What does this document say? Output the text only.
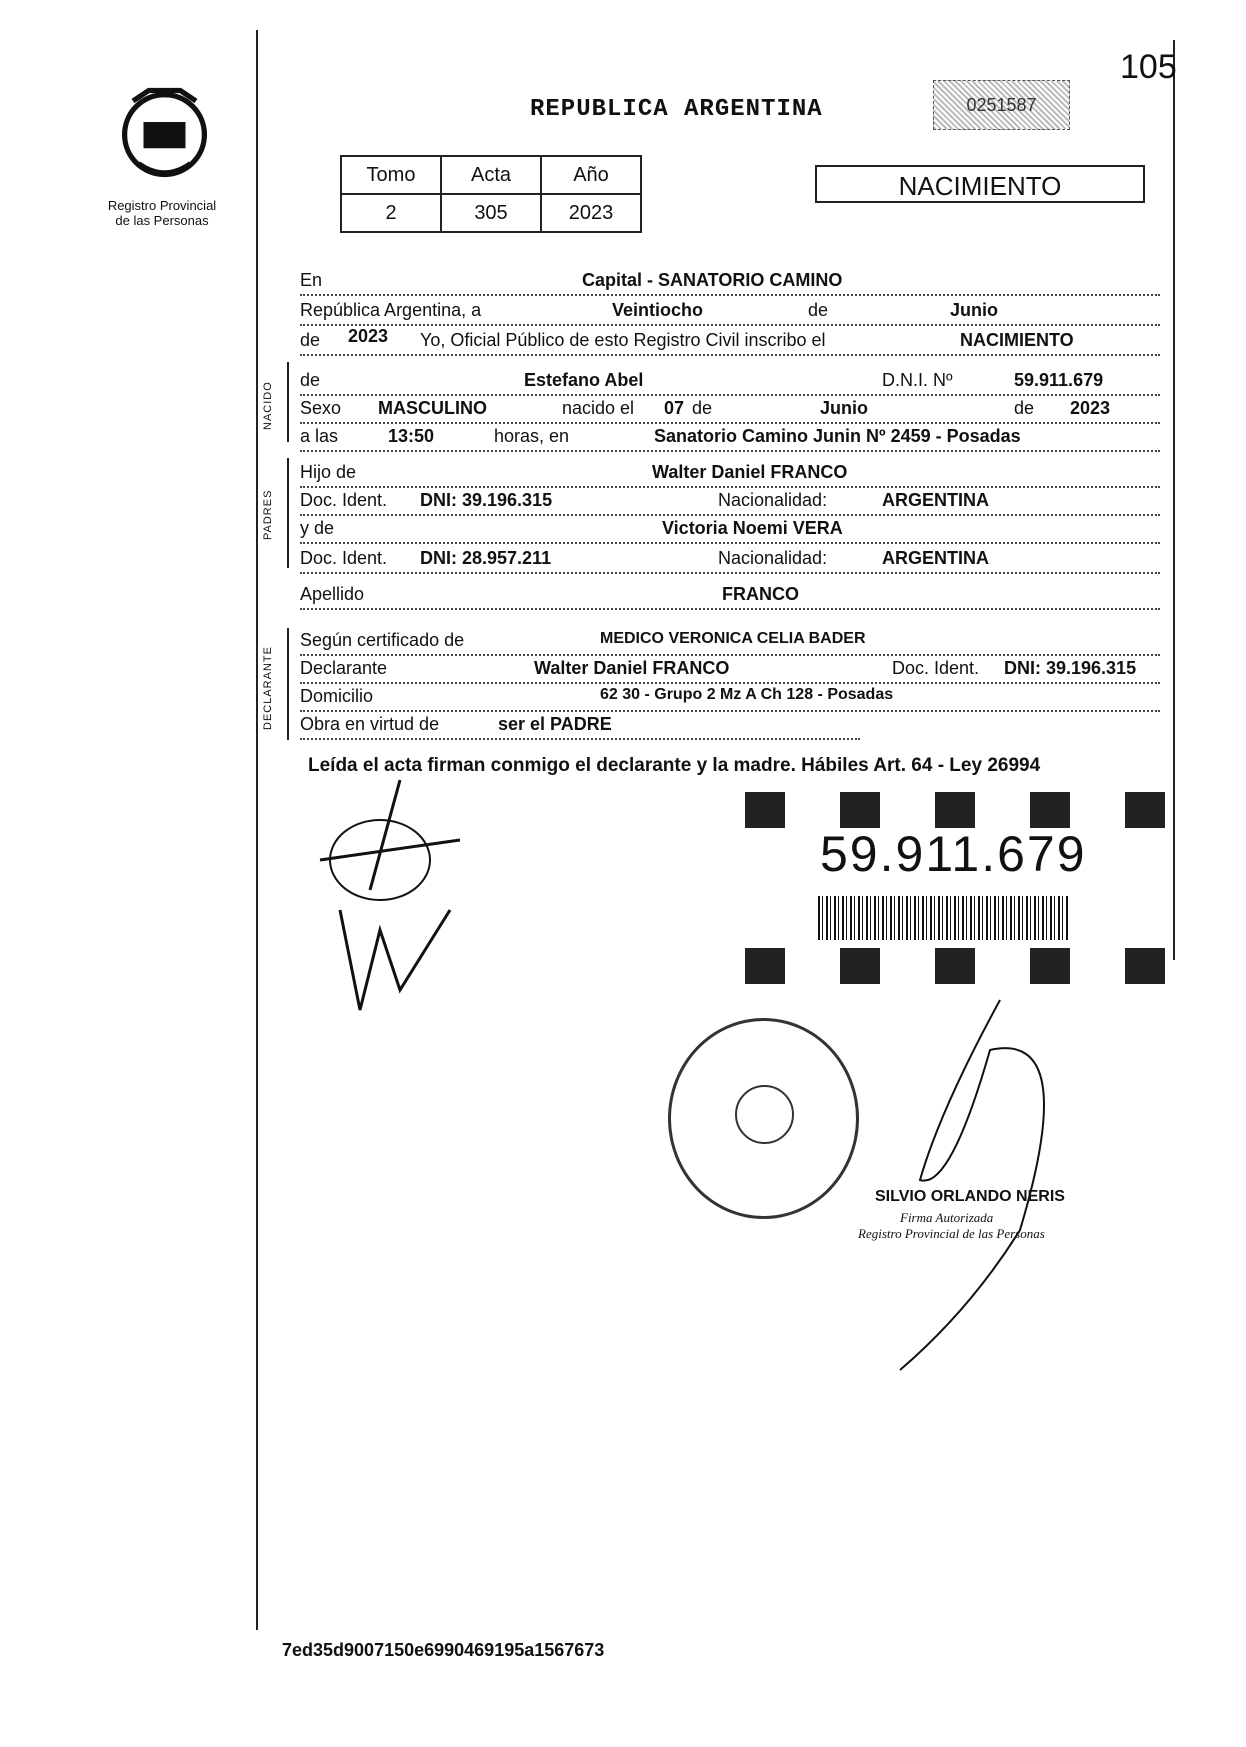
Registro Provincial
de las Personas
REPUBLICA ARGENTINA	0251587
105
Tomo	Acta	Año
2	305	2023
NACIMIENTO
En	Capital - SANATORIO CAMINO
República Argentina, a	Veintiocho	de	Junio
de 2023 Yo, Oficial Público de esto Registro Civil inscribo el	NACIMIENTO
NACIDO
de	Estefano Abel	D.N.I. Nº	59.911.679
Sexo MASCULINO	nacido el 07 de	Junio	de 2023
a las	13:50	horas, en	Sanatorio Camino Junin Nº 2459 - Posadas
PADRES
Hijo de	Walter Daniel FRANCO
Doc. Ident. DNI: 39.196.315	Nacionalidad:	ARGENTINA
y de	Victoria Noemi VERA
Doc. Ident. DNI: 28.957.211	Nacionalidad:	ARGENTINA
Apellido	FRANCO
DECLARANTE
Según certificado de	MEDICO VERONICA CELIA BADER
Declarante	Walter Daniel FRANCO	Doc. Ident. DNI: 39.196.315
Domicilio	62 30 - Grupo 2 Mz A Ch 128 - Posadas
Obra en virtud de	ser el PADRE
Leída el acta firman conmigo el declarante y la madre. Hábiles Art. 64 - Ley 26994
59.911.679
SILVIO ORLANDO NERIS
Firma Autorizada
Registro Provincial de las Personas
7ed35d9007150e6990469195a1567673
